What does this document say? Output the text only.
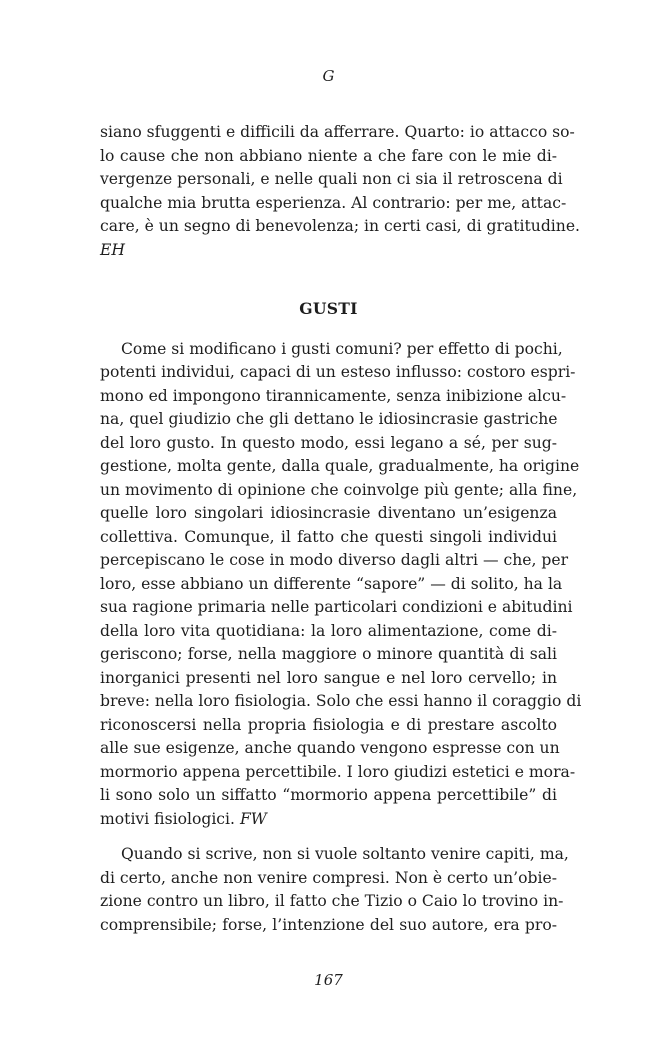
G
siano sfuggenti e difficili da afferrare. Quarto: io attacco so-
lo cause che non abbiano niente a che fare con le mie di-
vergenze personali, e nelle quali non ci sia il retroscena di
qualche mia brutta esperienza. Al contrario: per me, attac-
care, è un segno di benevolenza; in certi casi, di gratitudine.
EH
GUSTI
Come si modificano i gusti comuni? per effetto di pochi,
potenti individui, capaci di un esteso influsso: costoro espri-
mono ed impongono tirannicamente, senza inibizione alcu-
na, quel giudizio che gli dettano le idiosincrasie gastriche
del loro gusto. In questo modo, essi legano a sé, per sug-
gestione, molta gente, dalla quale, gradualmente, ha origine
un movimento di opinione che coinvolge più gente; alla fine,
quelle loro singolari idiosincrasie diventano un’esigenza
collettiva. Comunque, il fatto che questi singoli individui
percepiscano le cose in modo diverso dagli altri — che, per
loro, esse abbiano un differente “sapore” — di solito, ha la
sua ragione primaria nelle particolari condizioni e abitudini
della loro vita quotidiana: la loro alimentazione, come di-
geriscono; forse, nella maggiore o minore quantità di sali
inorganici presenti nel loro sangue e nel loro cervello; in
breve: nella loro fisiologia. Solo che essi hanno il coraggio di
riconoscersi nella propria fisiologia e di prestare ascolto
alle sue esigenze, anche quando vengono espresse con un
mormorio appena percettibile. I loro giudizi estetici e mora-
li sono solo un siffatto “mormorio appena percettibile” di
motivi fisiologici. FW
Quando si scrive, non si vuole soltanto venire capiti, ma,
di certo, anche non venire compresi. Non è certo un’obie-
zione contro un libro, il fatto che Tizio o Caio lo trovino in-
comprensibile; forse, l’intenzione del suo autore, era pro-
167
